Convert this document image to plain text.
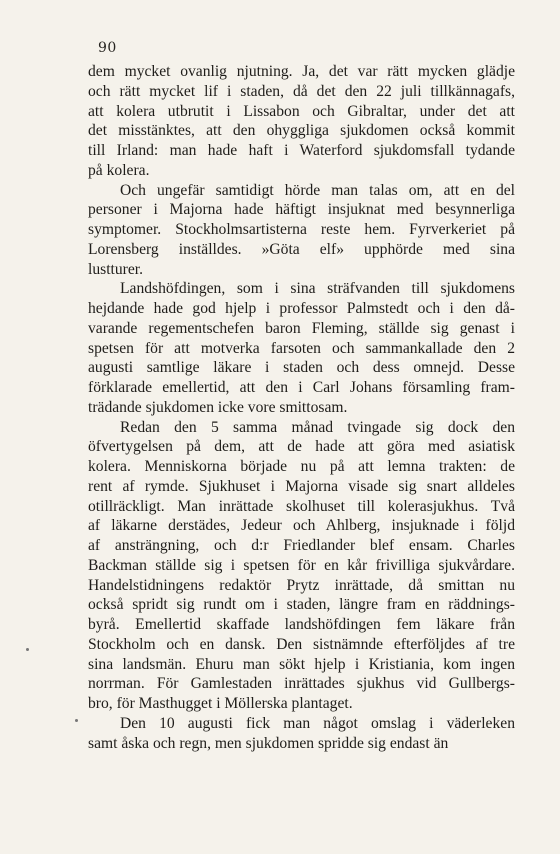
90
dem mycket ovanlig njutning. Ja, det var rätt mycken glädje
och rätt mycket lif i staden, då det den 22 juli tillkännagafs,
att kolera utbrutit i Lissabon och Gibraltar, under det att
det misstänktes, att den ohyggliga sjukdomen också kommit
till Irland: man hade haft i Waterford sjukdomsfall tydande
på kolera.
Och ungefär samtidigt hörde man talas om, att en del
personer i Majorna hade häftigt insjuknat med besynnerliga
symptomer. Stockholmsartisterna reste hem. Fyrverkeriet på
Lorensberg inställdes. »Göta elf» upphörde med sina
lustturer.
Landshöfdingen, som i sina sträfvanden till sjukdomens
hejdande hade god hjelp i professor Palmstedt och i den då-
varande regementschefen baron Fleming, ställde sig genast i
spetsen för att motverka farsoten och sammankallade den 2
augusti samtlige läkare i staden och dess omnejd. Desse
förklarade emellertid, att den i Carl Johans församling fram-
trädande sjukdomen icke vore smittosam.
Redan den 5 samma månad tvingade sig dock den
öfvertygelsen på dem, att de hade att göra med asiatisk
kolera. Menniskorna började nu på att lemna trakten: de
rent af rymde. Sjukhuset i Majorna visade sig snart alldeles
otillräckligt. Man inrättade skolhuset till kolerasjukhus. Två
af läkarne derstädes, Jedeur och Ahlberg, insjuknade i följd
af ansträngning, och d:r Friedlander blef ensam. Charles
Backman ställde sig i spetsen för en kår frivilliga sjukvårdare.
Handelstidningens redaktör Prytz inrättade, då smittan nu
också spridt sig rundt om i staden, längre fram en räddnings-
byrå. Emellertid skaffade landshöfdingen fem läkare från
Stockholm och en dansk. Den sistnämnde efterföljdes af tre
sina landsmän. Ehuru man sökt hjelp i Kristiania, kom ingen
norrman. För Gamlestaden inrättades sjukhus vid Gullbergs-
bro, för Masthugget i Möllerska plantaget.
Den 10 augusti fick man något omslag i väderleken
samt åska och regn, men sjukdomen spridde sig endast än
